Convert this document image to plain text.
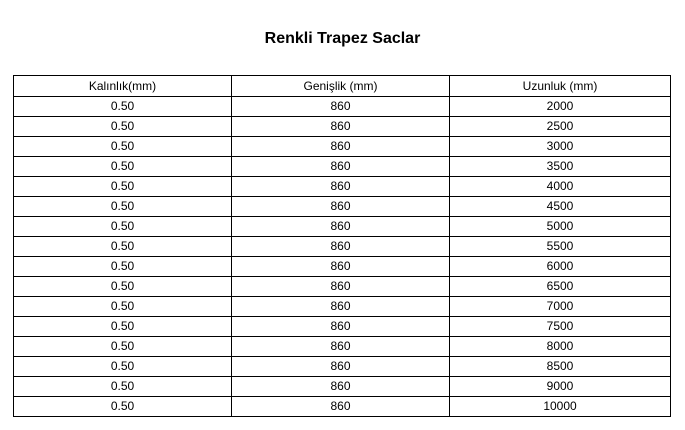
Renkli Trapez Saclar
Kalınlık(mm)	Genişlik (mm)	Uzunluk (mm)
0.50	860	2000
0.50	860	2500
0.50	860	3000
0.50	860	3500
0.50	860	4000
0.50	860	4500
0.50	860	5000
0.50	860	5500
0.50	860	6000
0.50	860	6500
0.50	860	7000
0.50	860	7500
0.50	860	8000
0.50	860	8500
0.50	860	9000
0.50	860	10000
